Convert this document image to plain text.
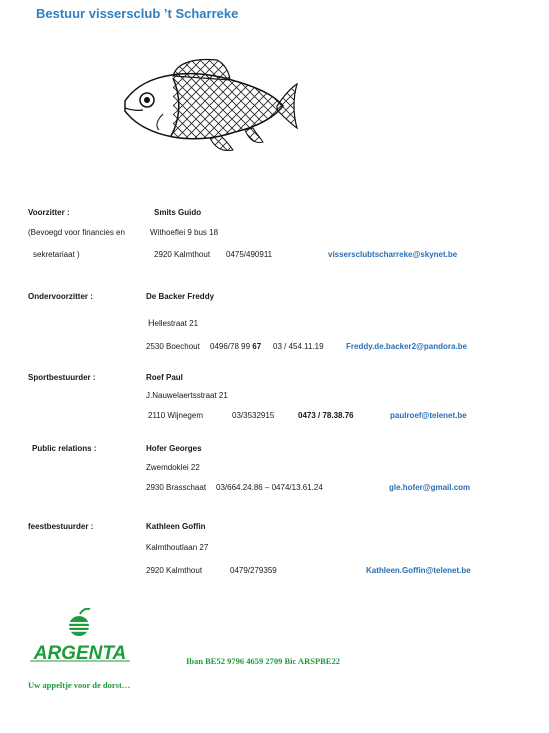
Bestuur vissersclub ’t Scharreke
Voorzitter :
(Bevoegd voor financies en
sekretariaat )
Smits Guido
Withoeflei 9 bus 18
2920 Kalmthout 0475/490911	vissersclubtscharreke@skynet.be
Ondervoorzitter :	De Backer Freddy
Hellestraat 21
2530 Boechout 0496/78 99 67 03 / 454.11.19	Freddy.de.backer2@pandora.be
Sportbestuurder :	Roef Paul
J.Nauwelaertsstraat 21
2110 Wijnegem	03/3532915	0473 / 78.38.76	paulroef@telenet.be
Public relations :	Hofer Georges
Zwemdoklei 22
2930 Brasschaat 03/664.24.86 – 0474/13.61.24	gle.hofer@gmail.com
feestbestuurder :	Kathleen Goffin
Kalmthoutlaan 27
2920 Kalmthout	0479/279359	Kathleen.Goffin@telenet.be
ARGENTA	Iban BE52 9796 4659 2709 Bic ARSPBE22
Uw appeltje voor de dorst…
